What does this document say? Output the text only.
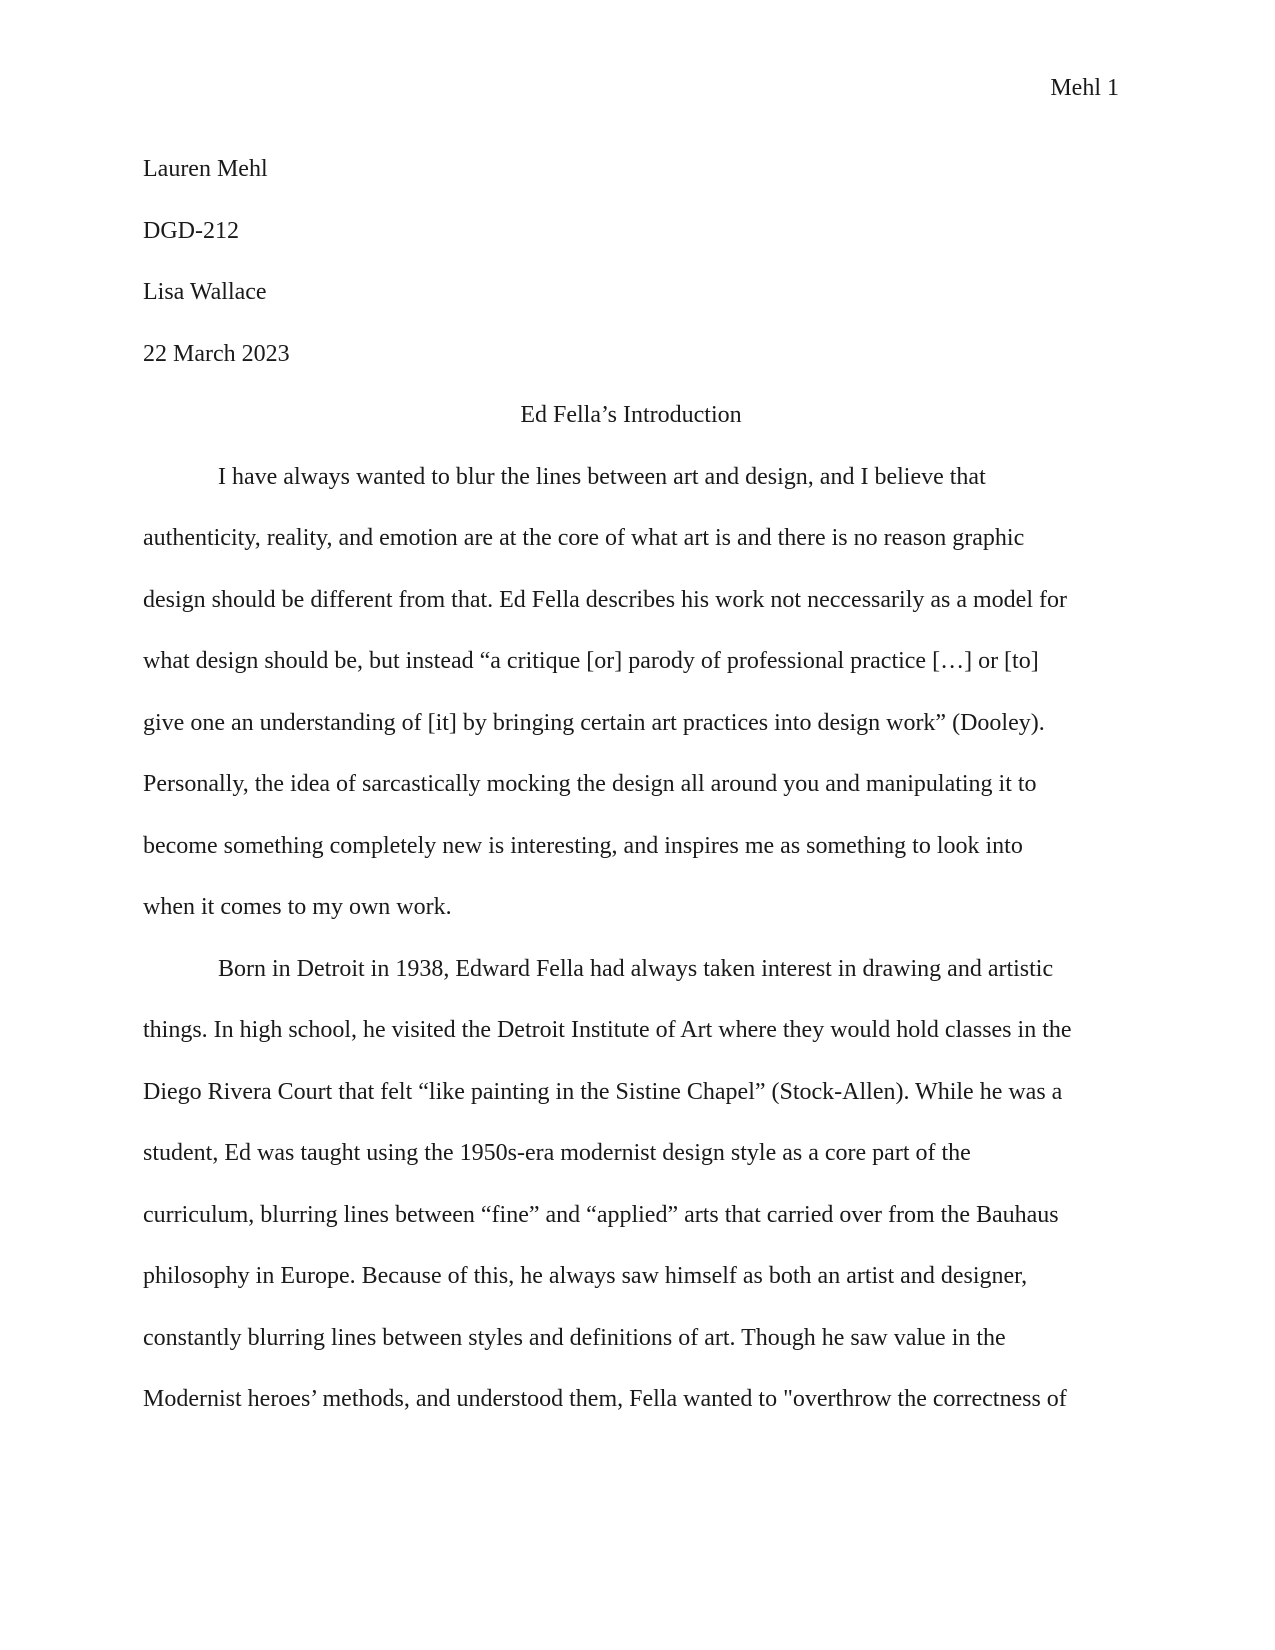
Mehl 1

Lauren Mehl

DGD-212

Lisa Wallace

22 March 2023

Ed Fella’s Introduction

I have always wanted to blur the lines between art and design, and I believe that
authenticity, reality, and emotion are at the core of what art is and there is no reason graphic
design should be different from that. Ed Fella describes his work not neccessarily as a model for
what design should be, but instead “a critique [or] parody of professional practice […] or [to]
give one an understanding of [it] by bringing certain art practices into design work” (Dooley).
Personally, the idea of sarcastically mocking the design all around you and manipulating it to
become something completely new is interesting, and inspires me as something to look into
when it comes to my own work.
Born in Detroit in 1938, Edward Fella had always taken interest in drawing and artistic
things. In high school, he visited the Detroit Institute of Art where they would hold classes in the
Diego Rivera Court that felt “like painting in the Sistine Chapel” (Stock-Allen). While he was a
student, Ed was taught using the 1950s-era modernist design style as a core part of the
curriculum, blurring lines between “fine” and “applied” arts that carried over from the Bauhaus
philosophy in Europe. Because of this, he always saw himself as both an artist and designer,
constantly blurring lines between styles and definitions of art. Though he saw value in the
Modernist heroes’ methods, and understood them, Fella wanted to "overthrow the correctness of
